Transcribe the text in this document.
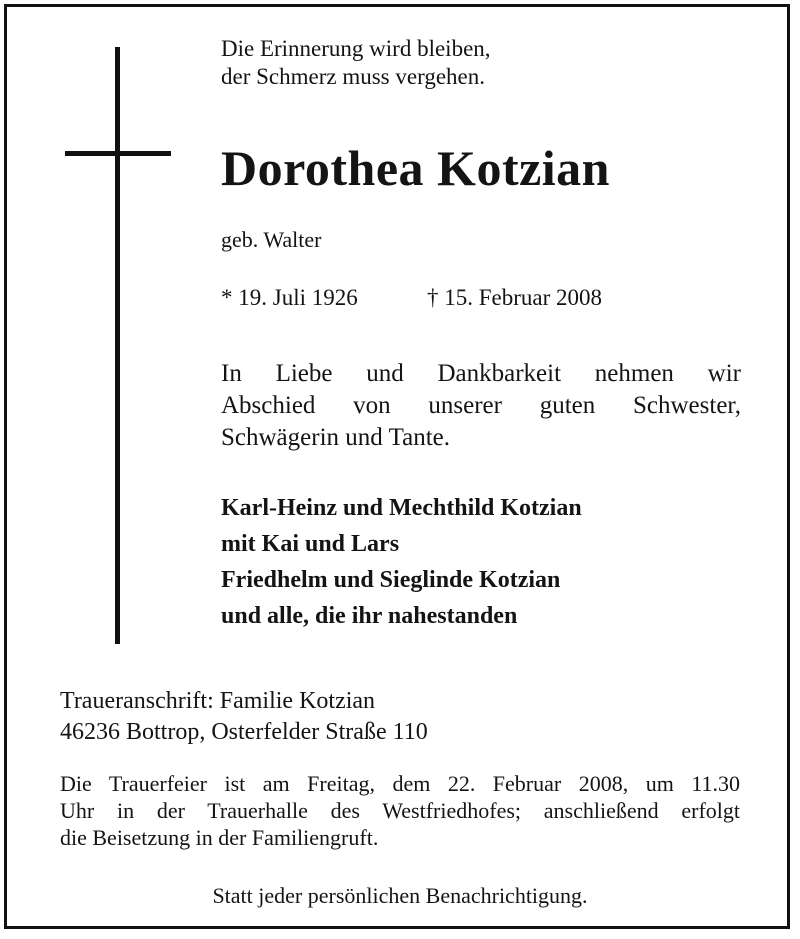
Die Erinnerung wird bleiben,
der Schmerz muss vergehen.
Dorothea Kotzian
geb. Walter
* 19. Juli 1926	† 15. Februar 2008
In Liebe und Dankbarkeit nehmen wir
Abschied von unserer guten Schwester,
Schwägerin und Tante.
Karl-Heinz und Mechthild Kotzian
mit Kai und Lars
Friedhelm und Sieglinde Kotzian
und alle, die ihr nahestanden
Traueranschrift: Familie Kotzian
46236 Bottrop, Osterfelder Straße 110
Die Trauerfeier ist am Freitag, dem 22. Februar 2008, um 11.30
Uhr in der Trauerhalle des Westfriedhofes; anschließend erfolgt
die Beisetzung in der Familiengruft.
Statt jeder persönlichen Benachrichtigung.
